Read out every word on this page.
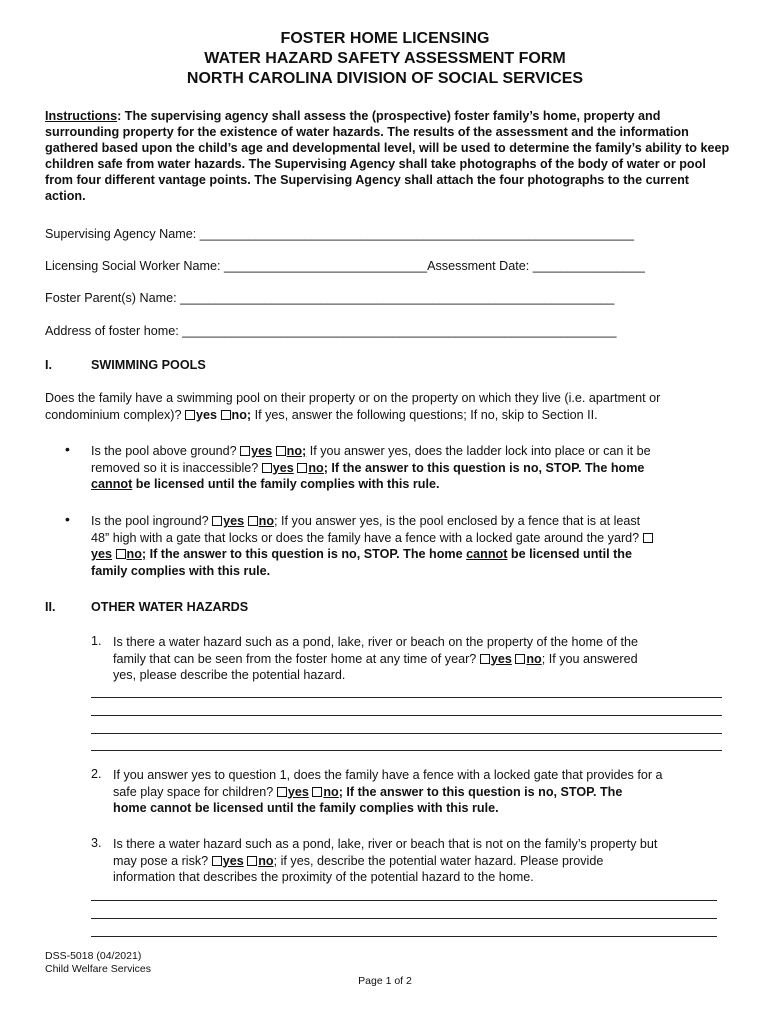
FOSTER HOME LICENSING
WATER HAZARD SAFETY ASSESSMENT FORM
NORTH CAROLINA DIVISION OF SOCIAL SERVICES
Instructions: The supervising agency shall assess the (prospective) foster family’s home, property and surrounding property for the existence of water hazards. The results of the assessment and the information gathered based upon the child’s age and developmental level, will be used to determine the family’s ability to keep children safe from water hazards. The Supervising Agency shall take photographs of the body of water or pool from four different vantage points. The Supervising Agency shall attach the four photographs to the current action.
Supervising Agency Name: ______________________________________________________________
Licensing Social Worker Name: _____________________________Assessment Date: ________________
Foster Parent(s) Name: ______________________________________________________________
Address of foster home: ______________________________________________________________
I.	SWIMMING POOLS
Does the family have a swimming pool on their property or on the property on which they live (i.e. apartment or
condominium complex)? yes no; If yes, answer the following questions; If no, skip to Section II.
• Is the pool above ground? yes no; If you answer yes, does the ladder lock into place or can it be
removed so it is inaccessible? yes no; If the answer to this question is no, STOP. The home
cannot be licensed until the family complies with this rule.
• Is the pool inground? yes no; If you answer yes, is the pool enclosed by a fence that is at least
48” high with a gate that locks or does the family have a fence with a locked gate around the yard?
yes no; If the answer to this question is no, STOP. The home cannot be licensed until the
family complies with this rule.
II.	OTHER WATER HAZARDS
1. Is there a water hazard such as a pond, lake, river or beach on the property of the home of the
family that can be seen from the foster home at any time of year? yes no; If you answered
yes, please describe the potential hazard.
2. If you answer yes to question 1, does the family have a fence with a locked gate that provides for a
safe play space for children? yes no; If the answer to this question is no, STOP. The
home cannot be licensed until the family complies with this rule.
3. Is there a water hazard such as a pond, lake, river or beach that is not on the family’s property but
may pose a risk? yes no; if yes, describe the potential water hazard. Please provide
information that describes the proximity of the potential hazard to the home.
DSS-5018 (04/2021)
Child Welfare Services
Page 1 of 2
